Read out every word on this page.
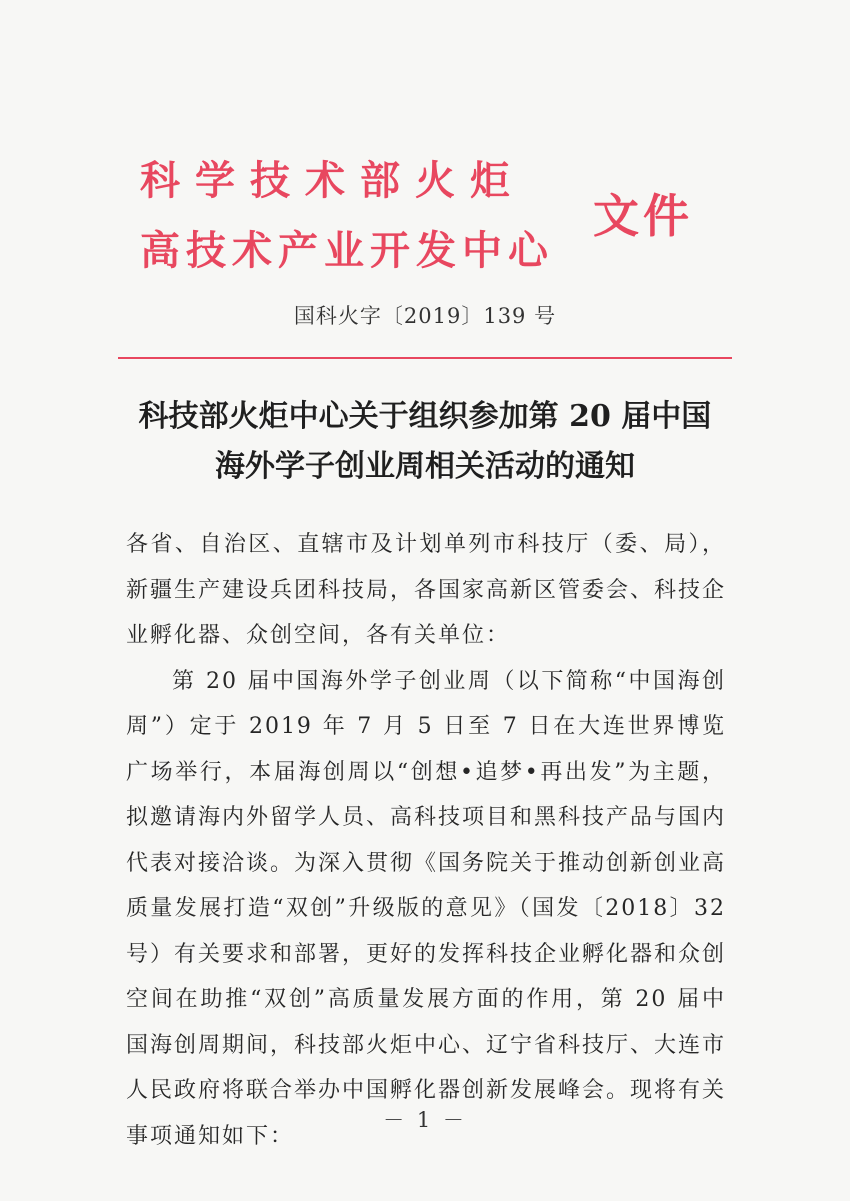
科学技术部火炬
高技术产业开发中心
文件
国科火字〔2019〕139 号
科技部火炬中心关于组织参加第 20 届中国
海外学子创业周相关活动的通知

各省、自治区、直辖市及计划单列市科技厅（委、局），新疆生产建设兵团科技局，各国家高新区管委会、科技企业孵化器、众创空间，各有关单位：

第 20 届中国海外学子创业周（以下简称“中国海创周”）定于 2019 年 7 月 5 日至 7 日在大连世界博览广场举行，本届海创周以“创想•追梦•再出发”为主题，拟邀请海内外留学人员、高科技项目和黑科技产品与国内代表对接洽谈。为深入贯彻《国务院关于推动创新创业高质量发展打造“双创”升级版的意见》（国发〔2018〕32 号）有关要求和部署，更好的发挥科技企业孵化器和众创空间在助推“双创”高质量发展方面的作用，第 20 届中国海创周期间，科技部火炬中心、辽宁省科技厅、大连市人民政府将联合举办中国孵化器创新发展峰会。现将有关事项通知如下：

－ 1 －
